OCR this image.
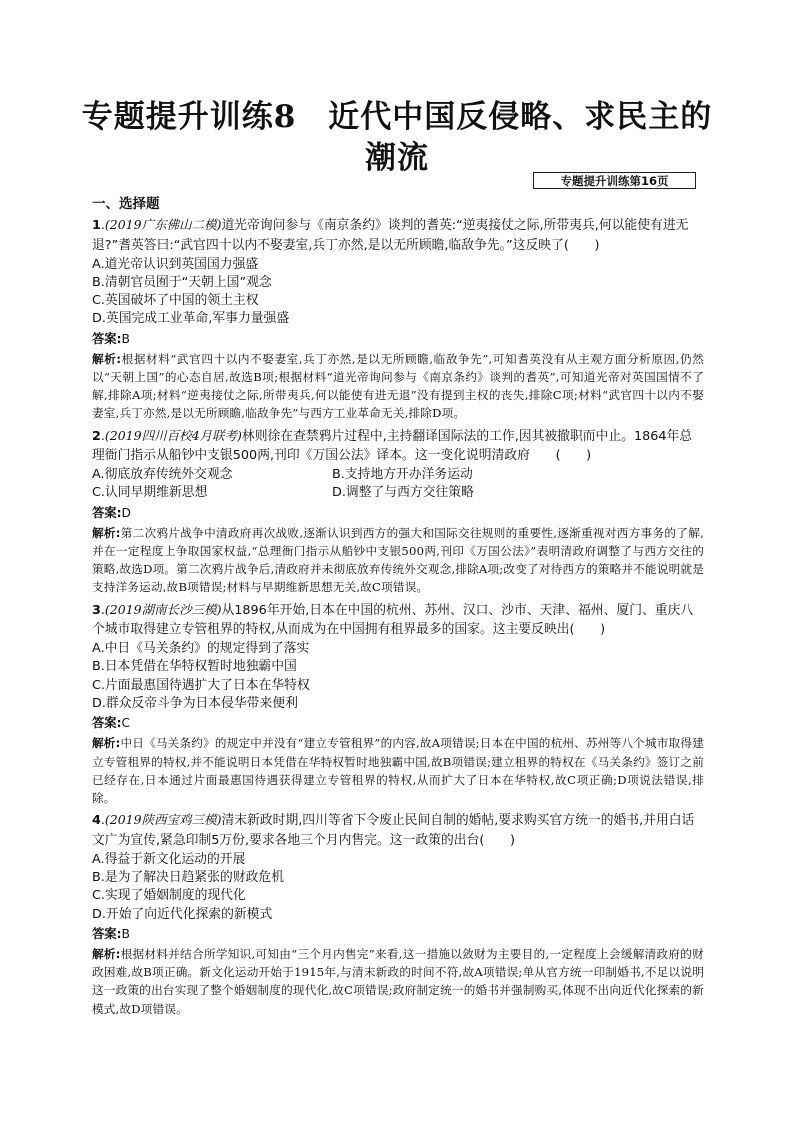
专题提升训练8　近代中国反侵略、求民主的
潮流
专题提升训练第16页
一、选择题

1.(2019广东佛山二模)道光帝询问参与《南京条约》谈判的耆英:“逆夷接仗之际,所带夷兵,何以能使有进无退?”耆英答曰:“武官四十以内不娶妻室,兵丁亦然,是以无所顾瞻,临敌争先。”这反映了(　　)

A.道光帝认识到英国国力强盛

B.清朝官员囿于“天朝上国”观念

C.英国破坏了中国的领土主权

D.英国完成工业革命,军事力量强盛

答案:B

解析:根据材料“武官四十以内不娶妻室,兵丁亦然,是以无所顾瞻,临敌争先”,可知耆英没有从主观方面分析原因,仍然以“天朝上国”的心态自居,故选B项;根据材料“道光帝询问参与《南京条约》谈判的耆英”,可知道光帝对英国国情不了解,排除A项;材料“逆夷接仗之际,所带夷兵,何以能使有进无退”没有提到主权的丧失,排除C项;材料“武官四十以内不娶妻室,兵丁亦然,是以无所顾瞻,临敌争先”与西方工业革命无关,排除D项。

2.(2019四川百校4月联考)林则徐在查禁鸦片过程中,主持翻译国际法的工作,因其被撤职而中止。1864年总理衙门指示从船钞中支银500两,刊印《万国公法》译本。这一变化说明清政府　　(　　)

A.彻底放弃传统外交观念	B.支持地方开办洋务运动

C.认同早期维新思想	D.调整了与西方交往策略

答案:D

解析:第二次鸦片战争中清政府再次战败,逐渐认识到西方的强大和国际交往规则的重要性,逐渐重视对西方事务的了解,并在一定程度上争取国家权益,“总理衙门指示从船钞中支银500两,刊印《万国公法》”表明清政府调整了与西方交往的策略,故选D项。第二次鸦片战争后,清政府并未彻底放弃传统外交观念,排除A项;改变了对待西方的策略并不能说明就是支持洋务运动,故B项错误;材料与早期维新思想无关,故C项错误。

3.(2019湖南长沙三模)从1896年开始,日本在中国的杭州、苏州、汉口、沙市、天津、福州、厦门、重庆八个城市取得建立专管租界的特权,从而成为在中国拥有租界最多的国家。这主要反映出(　　)

A.中日《马关条约》的规定得到了落实

B.日本凭借在华特权暂时地独霸中国

C.片面最惠国待遇扩大了日本在华特权

D.群众反帝斗争为日本侵华带来便利

答案:C

解析:中日《马关条约》的规定中并没有“建立专管租界”的内容,故A项错误;日本在中国的杭州、苏州等八个城市取得建立专管租界的特权,并不能说明日本凭借在华特权暂时地独霸中国,故B项错误;建立租界的特权在《马关条约》签订之前已经存在,日本通过片面最惠国待遇获得建立专管租界的特权,从而扩大了日本在华特权,故C项正确;D项说法错误,排除。

4.(2019陕西宝鸡三模)清末新政时期,四川等省下令废止民间自制的婚帖,要求购买官方统一的婚书,并用白话文广为宣传,紧急印制5万份,要求各地三个月内售完。这一政策的出台(　　)

A.得益于新文化运动的开展

B.是为了解决日趋紧张的财政危机

C.实现了婚姻制度的现代化

D.开始了向近代化探索的新模式

答案:B

解析:根据材料并结合所学知识,可知由“三个月内售完”来看,这一措施以敛财为主要目的,一定程度上会缓解清政府的财政困难,故B项正确。新文化运动开始于1915年,与清末新政的时间不符,故A项错误;单从官方统一印制婚书,不足以说明这一政策的出台实现了整个婚姻制度的现代化,故C项错误;政府制定统一的婚书并强制购买,体现不出向近代化探索的新模式,故D项错误。
